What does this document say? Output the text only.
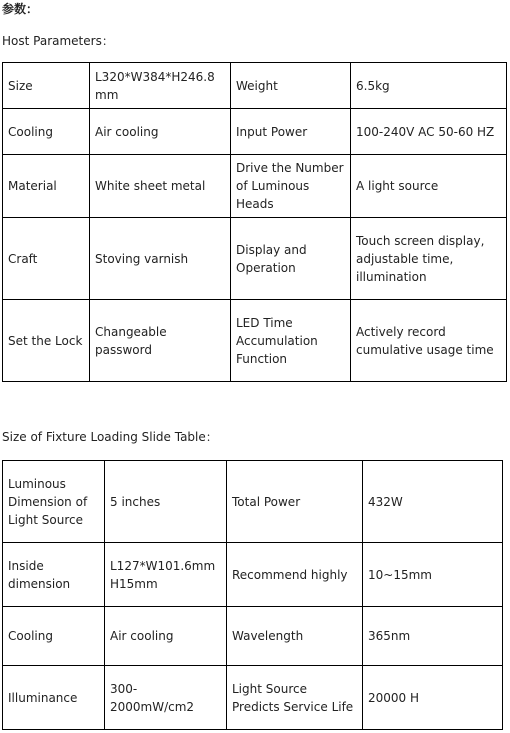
参数：
Host Parameters：
Size	L320*W384*H246.8mm	Weight	6.5kg
Cooling	Air cooling	Input Power	100-240V AC 50-60 HZ
Material	White sheet metal	Drive the Number of Luminous Heads	A light source
Craft	Stoving varnish	Display and Operation	Touch screen display, adjustable time, illumination
Set the Lock	Changeable password	LED Time Accumulation Function	Actively record cumulative usage time
Size of Fixture Loading Slide Table：
Luminous Dimension of Light Source	5 inches	Total Power	432W
Inside dimension	L127*W101.6mm H15mm	Recommend highly	10~15mm
Cooling	Air cooling	Wavelength	365nm
Illuminance	300-2000mW/cm2	Light Source Predicts Service Life	20000 H
